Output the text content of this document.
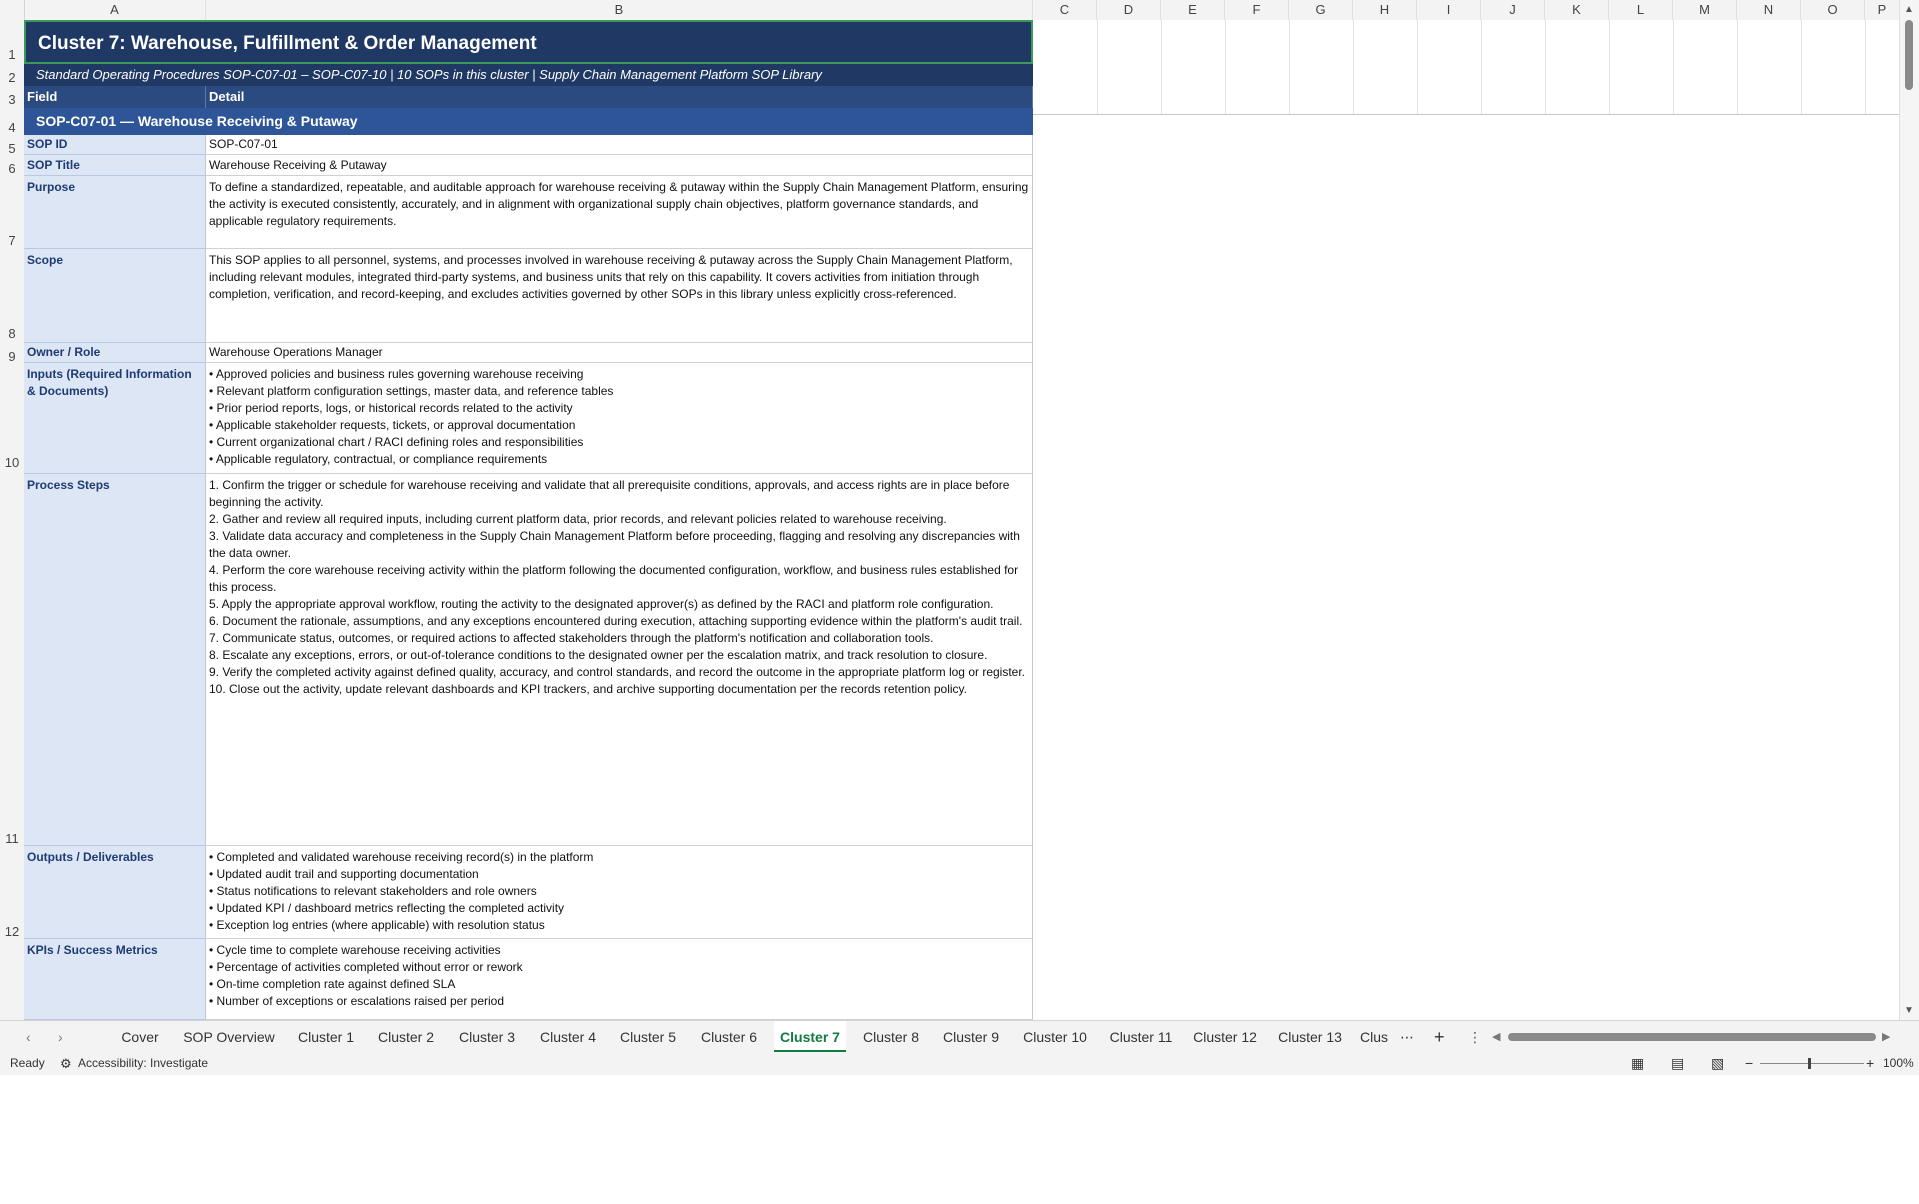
A	B	C	D	E	F	G	H	I	J	K	L	M	N	O	P
1
2
3
4
5
6
7
8
9
10
11
12
Cluster 7: Warehouse, Fulfillment & Order Management
Standard Operating Procedures SOP-C07-01 – SOP-C07-10 | 10 SOPs in this cluster | Supply Chain Management Platform SOP Library
Field	Detail
SOP-C07-01 — Warehouse Receiving & Putaway
SOP ID	SOP-C07-01
SOP Title	Warehouse Receiving & Putaway
Purpose	To define a standardized, repeatable, and auditable approach for warehouse receiving & putaway within the Supply Chain Management Platform, ensuring the activity is executed consistently, accurately, and in alignment with organizational supply chain objectives, platform governance standards, and applicable regulatory requirements.
Scope	This SOP applies to all personnel, systems, and processes involved in warehouse receiving & putaway across the Supply Chain Management Platform, including relevant modules, integrated third-party systems, and business units that rely on this capability. It covers activities from initiation through completion, verification, and record-keeping, and excludes activities governed by other SOPs in this library unless explicitly cross-referenced.
Owner / Role	Warehouse Operations Manager
Inputs (Required Information & Documents)
• Approved policies and business rules governing warehouse receiving
• Relevant platform configuration settings, master data, and reference tables
• Prior period reports, logs, or historical records related to the activity
• Applicable stakeholder requests, tickets, or approval documentation
• Current organizational chart / RACI defining roles and responsibilities
• Applicable regulatory, contractual, or compliance requirements
Process Steps	1. Confirm the trigger or schedule for warehouse receiving and validate that all prerequisite conditions, approvals, and access rights are in place before beginning the activity.
2. Gather and review all required inputs, including current platform data, prior records, and relevant policies related to warehouse receiving.
3. Validate data accuracy and completeness in the Supply Chain Management Platform before proceeding, flagging and resolving any discrepancies with the data owner.
4. Perform the core warehouse receiving activity within the platform following the documented configuration, workflow, and business rules established for this process.
5. Apply the appropriate approval workflow, routing the activity to the designated approver(s) as defined by the RACI and platform role configuration.
6. Document the rationale, assumptions, and any exceptions encountered during execution, attaching supporting evidence within the platform's audit trail.
7. Communicate status, outcomes, or required actions to affected stakeholders through the platform's notification and collaboration tools.
8. Escalate any exceptions, errors, or out-of-tolerance conditions to the designated owner per the escalation matrix, and track resolution to closure.
9. Verify the completed activity against defined quality, accuracy, and control standards, and record the outcome in the appropriate platform log or register.
10. Close out the activity, update relevant dashboards and KPI trackers, and archive supporting documentation per the records retention policy.
Outputs / Deliverables	• Completed and validated warehouse receiving record(s) in the platform
• Updated audit trail and supporting documentation
• Status notifications to relevant stakeholders and role owners
• Updated KPI / dashboard metrics reflecting the completed activity
• Exception log entries (where applicable) with resolution status
KPIs / Success Metrics	• Cycle time to complete warehouse receiving activities
• Percentage of activities completed without error or rework
• On-time completion rate against defined SLA
• Number of exceptions or escalations raised per period
▲
▼
‹ ›	Cover	SOP Overview	Cluster 1	Cluster 2	Cluster 3	Cluster 4	Cluster 5	Cluster 6	Cluster 7	Cluster 8	Cluster 9	Cluster 10	Cluster 11	Cluster 12	Cluster 13	Clus ⋯ + ⋮ ◀	▶
Ready ⚙ Accessibility: Investigate	▦ ▤ ▧ −	+ 100%
